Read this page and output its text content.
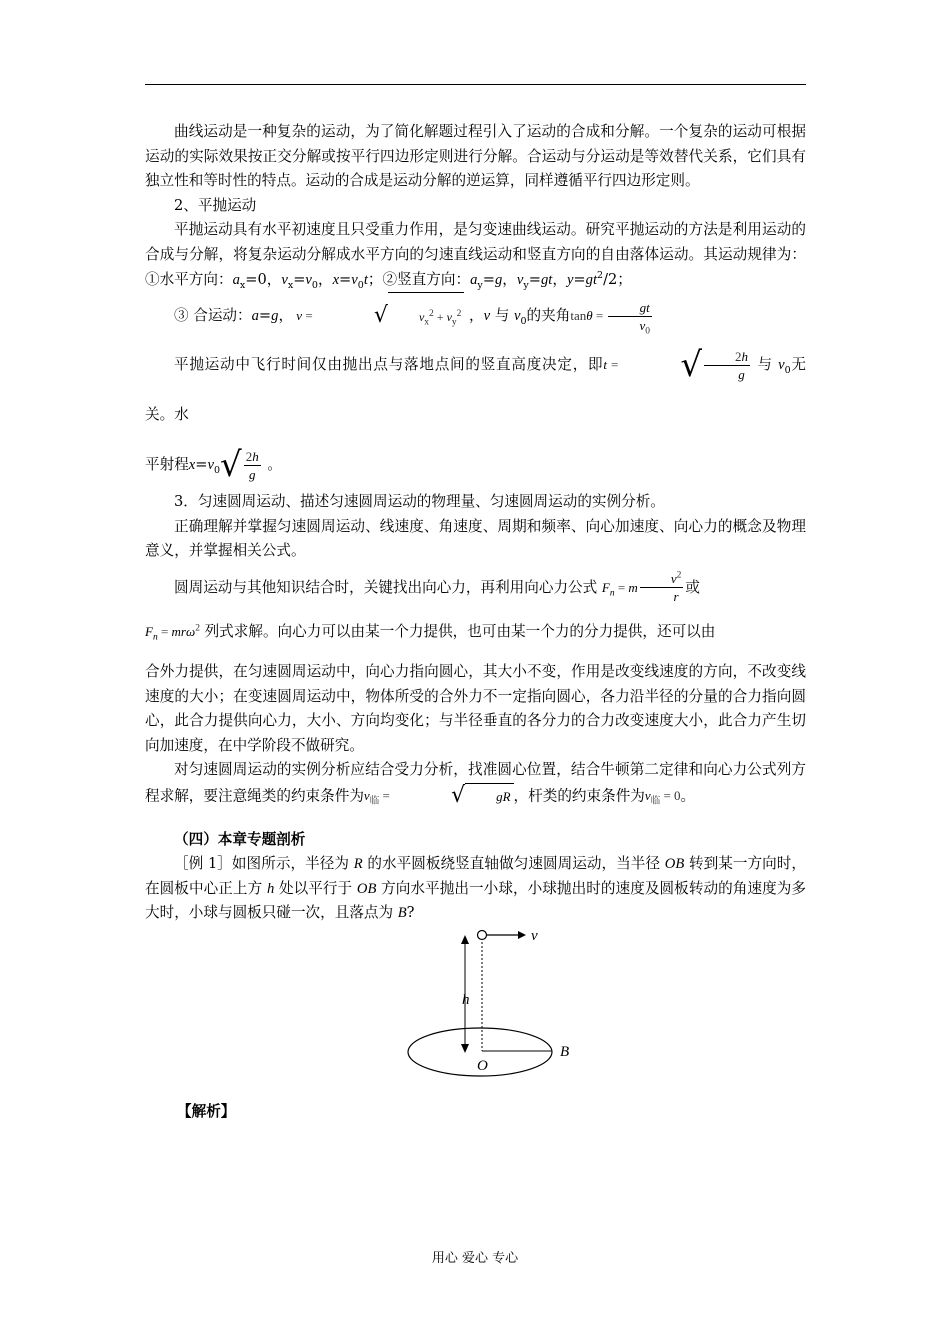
曲线运动是一种复杂的运动，为了简化解题过程引入了运动的合成和分解。一个复杂的运动可根据运动的实际效果按正交分解或按平行四边形定则进行分解。合运动与分运动是等效替代关系，它们具有独立性和等时性的特点。运动的合成是运动分解的逆运算，同样遵循平行四边形定则。

2、平抛运动

平抛运动具有水平初速度且只受重力作用，是匀变速曲线运动。研究平抛运动的方法是利用运动的合成与分解，将复杂运动分解成水平方向的匀速直线运动和竖直方向的自由落体运动。其运动规律为：①水平方向：$a_x=0$，$v_x=v_0$，$x=v_0t$；②竖直方向：$a_y=g$，$v_y=gt$，$y=gt^2/2$；

③ 合运动：a=g， v =	√	$v_x^2 + v_y^2$ ，v 与 $v_0$的夹角$\tan\theta = \frac{gt}{v_0}$

平抛运动中飞行时间仅由抛出点与落地点间的竖直高度决定，即t = √ $\frac{2h}{g}$ 与 $v_0$无关。水

平射程$x=v_0√ \frac{2h}{g}$ 。

3．匀速圆周运动、描述匀速圆周运动的物理量、匀速圆周运动的实例分析。

正确理解并掌握匀速圆周运动、线速度、角速度、周期和频率、向心加速度、向心力的概念及物理意义，并掌握相关公式。

圆周运动与其他知识结合时，关键找出向心力，再利用向心力公式 $F_n = m \frac{v^2}{r}$ 或

$F_n = mr\omega^2$ 列式求解。向心力可以由某一个力提供，也可由某一个力的分力提供，还可以由

合外力提供，在匀速圆周运动中，向心力指向圆心，其大小不变，作用是改变线速度的方向，不改变线速度的大小；在变速圆周运动中，物体所受的合外力不一定指向圆心，各力沿半径的分量的合力指向圆心，此合力提供向心力，大小、方向均变化；与半径垂直的各分力的合力改变速度大小，此合力产生切向加速度，在中学阶段不做研究。

对匀速圆周运动的实例分析应结合受力分析，找准圆心位置，结合牛顿第二定律和向心力公式列方程求解，要注意绳类的约束条件为$v_临$ =	√ gR ，杆类的约束条件为$v_临 = 0$。

（四）本章专题剖析

［例 1］如图所示，半径为 R 的水平圆板绕竖直轴做匀速圆周运动，当半径 OB 转到某一方向时，在圆板中心正上方 h 处以平行于 OB 方向水平抛出一小球，小球抛出时的速度及圆板转动的角速度为多大时，小球与圆板只碰一次，且落点为 B?

v
h
O
B
【解析】
用心 爱心 专心
